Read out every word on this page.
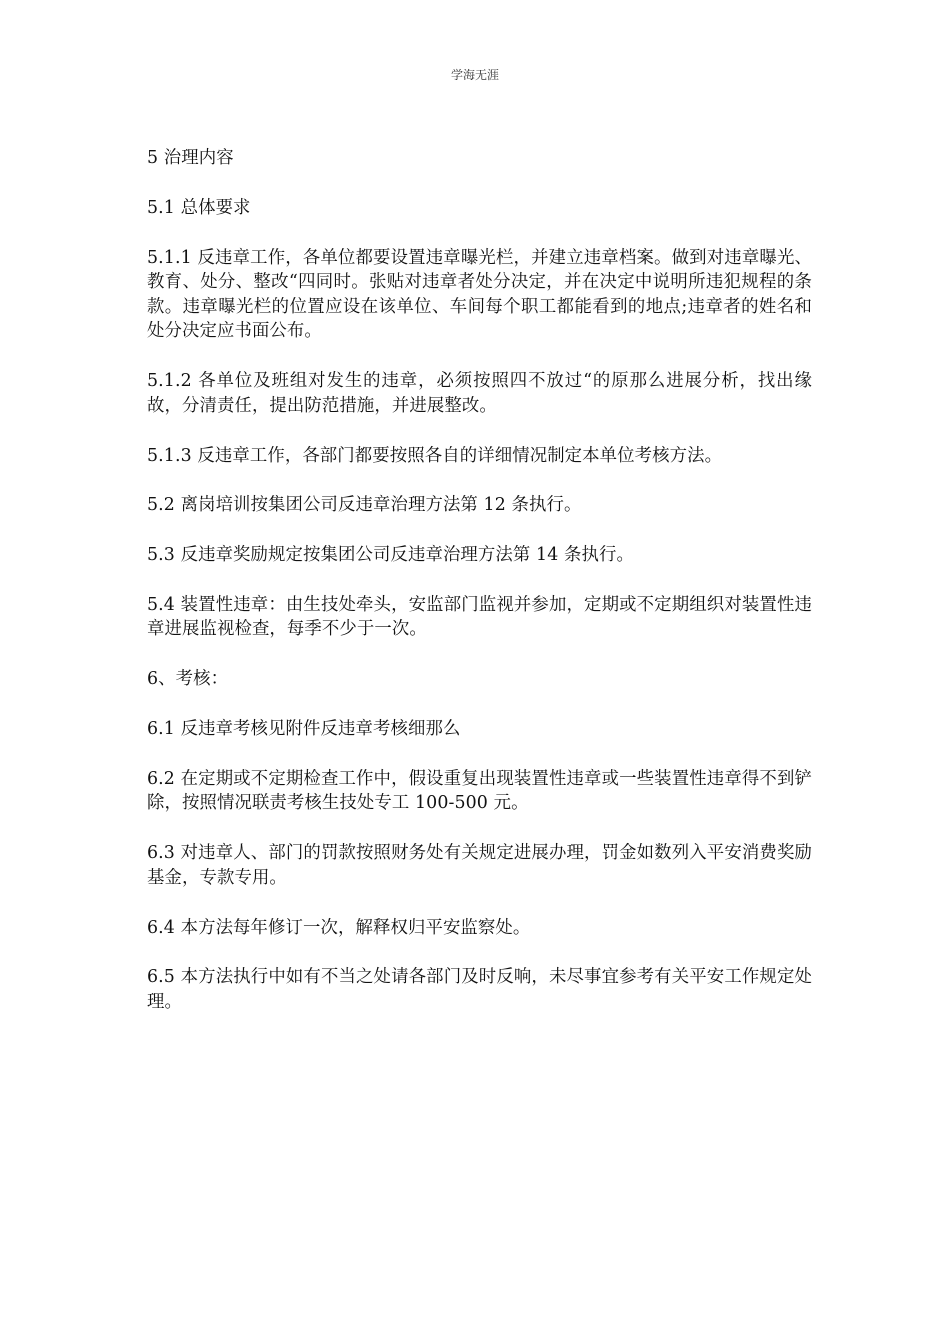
学海无涯

5 治理内容

5.1 总体要求

5.1.1 反违章工作，各单位都要设置违章曝光栏，并建立违章档案。做到对违章曝光、教育、处分、整改“四同时。张贴对违章者处分决定，并在决定中说明所违犯规程的条款。违章曝光栏的位置应设在该单位、车间每个职工都能看到的地点;违章者的姓名和处分决定应书面公布。

5.1.2 各单位及班组对发生的违章，必须按照四不放过“的原那么进展分析，找出缘故，分清责任，提出防范措施，并进展整改。

5.1.3 反违章工作，各部门都要按照各自的详细情况制定本单位考核方法。

5.2 离岗培训按集团公司反违章治理方法第 12 条执行。

5.3 反违章奖励规定按集团公司反违章治理方法第 14 条执行。

5.4 装置性违章：由生技处牵头，安监部门监视并参加，定期或不定期组织对装置性违章进展监视检查，每季不少于一次。

6、考核：

6.1 反违章考核见附件反违章考核细那么

6.2 在定期或不定期检查工作中，假设重复出现装置性违章或一些装置性违章得不到铲除，按照情况联责考核生技处专工 100-500 元。

6.3 对违章人、部门的罚款按照财务处有关规定进展办理，罚金如数列入平安消费奖励基金，专款专用。

6.4 本方法每年修订一次，解释权归平安监察处。

6.5 本方法执行中如有不当之处请各部门及时反响，未尽事宜参考有关平安工作规定处理。
